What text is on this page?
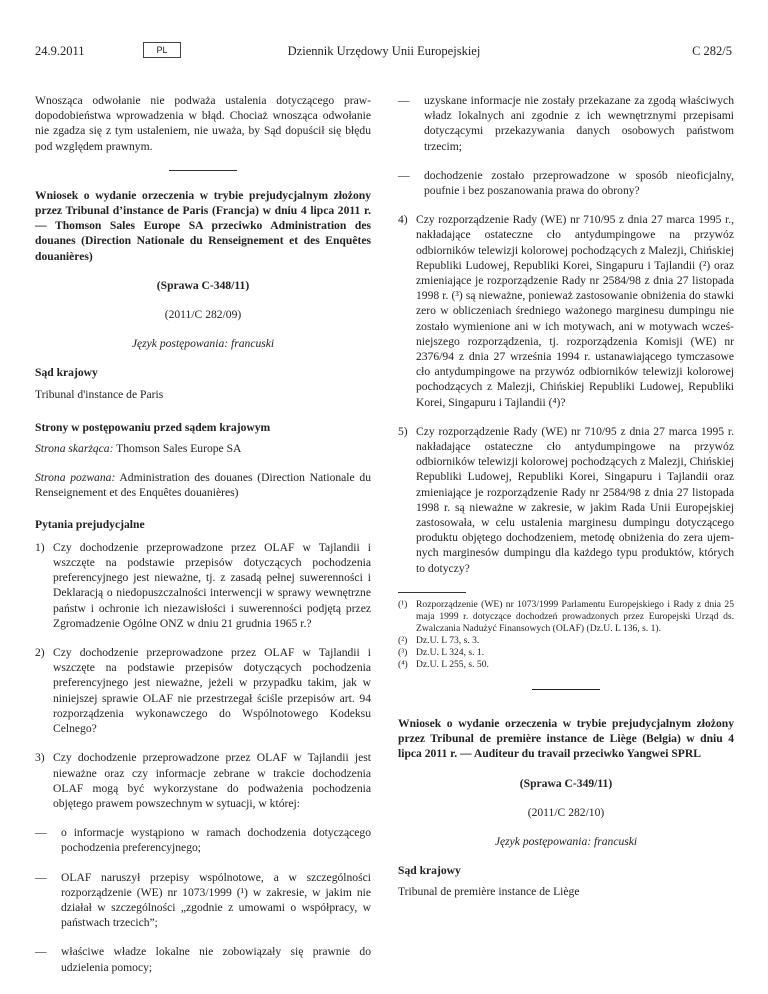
24.9.2011	Dziennik Urzędowy Unii Europejskiej
PL	C 282/5

Wnosząca odwołanie nie podważa ustalenia dotyczącego prawdopodobieństwa wprowadzenia w błąd. Chociaż wnosząca odwołanie nie zgadza się z tym ustaleniem, nie uważa, by Sąd dopuścił się błędu pod względem prawnym.

Wniosek o wydanie orzeczenia w trybie prejudycjalnym złożony przez Tribunal d’instance de Paris (Francja) w dniu 4 lipca 2011 r. — Thomson Sales Europe SA przeciwko Administration des douanes (Direction Nationale du Renseignement et des Enquêtes douanières)

(Sprawa C-348/11)

(2011/C 282/09)

Język postępowania: francuski

Sąd krajowy

Tribunal d'instance de Paris

Strony w postępowaniu przed sądem krajowym

Strona skarżąca: Thomson Sales Europe SA

Strona pozwana: Administration des douanes (Direction Nationale du Renseignement et des Enquêtes douanières)

Pytania prejudycjalne

1) Czy dochodzenie przeprowadzone przez OLAF w Tajlandii i wszczęte na podstawie przepisów dotyczących pochodzenia preferencyjnego jest nieważne, tj. z zasadą pełnej suwerenności i Deklaracją o niedopuszczalności interwencji w sprawy wewnętrzne państw i ochronie ich niezawisłości i suwerenności podjętą przez Zgromadzenie Ogólne ONZ w dniu 21 grudnia 1965 r.?
2) Czy dochodzenie przeprowadzone przez OLAF w Tajlandii i wszczęte na podstawie przepisów dotyczących pochodzenia preferencyjnego jest nieważne, jeżeli w przypadku takim, jak w niniejszej sprawie OLAF nie przestrzegał ściśle przepisów art. 94 rozporządzenia wykonawczego do Wspólnotowego Kodeksu Celnego?
3) Czy dochodzenie przeprowadzone przez OLAF w Tajlandii jest nieważne oraz czy informacje zebrane w trakcie dochodzenia OLAF mogą być wykorzystane do podważenia pochodzenia objętego prawem powszechnym w sytuacji, w której:
—	o informacje wystąpiono w ramach dochodzenia dotyczącego pochodzenia preferencyjnego;
—	OLAF naruszył przepisy wspólnotowe, a w szczególności rozporządzenie (WE) nr 1073/1999 (¹) w zakresie, w jakim nie działał w szczególności „zgodnie z umowami o współpracy, w państwach trzecich”;
—	właściwe władze lokalne nie zobowiązały się prawnie do udzielenia pomocy;
—	uzyskane informacje nie zostały przekazane za zgodą właściwych władz lokalnych ani zgodnie z ich wewnętrznymi przepisami dotyczącymi przekazywania danych osobowych państwom trzecim;
—	dochodzenie zostało przeprowadzone w sposób nieoficjalny, poufnie i bez poszanowania prawa do obrony?
4) Czy rozporządzenie Rady (WE) nr 710/95 z dnia 27 marca 1995 r., nakładające ostateczne cło antydumpingowe na przywóz odbiorników telewizji kolorowej pochodzących z Malezji, Chińskiej Republiki Ludowej, Republiki Korei, Singapuru i Tajlandii (²) oraz zmieniające je rozporządzenie Rady nr 2584/98 z dnia 27 listopada 1998 r. (³) są nieważne, ponieważ zastosowanie obniżenia do stawki zero w obliczeniach średniego ważonego marginesu dumpingu nie zostało wymienione ani w ich motywach, ani w motywach wcześniejszego rozporządzenia, tj. rozporządzenia Komisji (WE) nr 2376/94 z dnia 27 września 1994 r. ustanawiającego tymczasowe cło antydumpingowe na przywóz odbiorników telewizji kolorowej pochodzących z Malezji, Chińskiej Republiki Ludowej, Republiki Korei, Singapuru i Tajlandii (⁴)?
5) Czy rozporządzenie Rady (WE) nr 710/95 z dnia 27 marca 1995 r. nakładające ostateczne cło antydumpingowe na przywóz odbiorników telewizji kolorowej pochodzących z Malezji, Chińskiej Republiki Ludowej, Republiki Korei, Singapuru i Tajlandii oraz zmieniające je rozporządzenie Rady nr 2584/98 z dnia 27 listopada 1998 r. są nieważne w zakresie, w jakim Rada Unii Europejskiej zastosowała, w celu ustalenia marginesu dumpingu dotyczącego produktu objętego dochodzeniem, metodę obniżenia do zera ujemnych marginesów dumpingu dla każdego typu produktów, których to dotyczy?
(¹) Rozporządzenie (WE) nr 1073/1999 Parlamentu Europejskiego i Rady z dnia 25 maja 1999 r. dotyczące dochodzeń prowadzonych przez Europejski Urząd ds. Zwalczania Nadużyć Finansowych (OLAF) (Dz.U. L 136, s. 1).
(²) Dz.U. L 73, s. 3.
(³) Dz.U. L 324, s. 1.
(⁴) Dz.U. L 255, s. 50.

Wniosek o wydanie orzeczenia w trybie prejudycjalnym złożony przez Tribunal de première instance de Liège (Belgia) w dniu 4 lipca 2011 r. — Auditeur du travail przeciwko Yangwei SPRL

(Sprawa C-349/11)

(2011/C 282/10)

Język postępowania: francuski

Sąd krajowy

Tribunal de première instance de Liège
